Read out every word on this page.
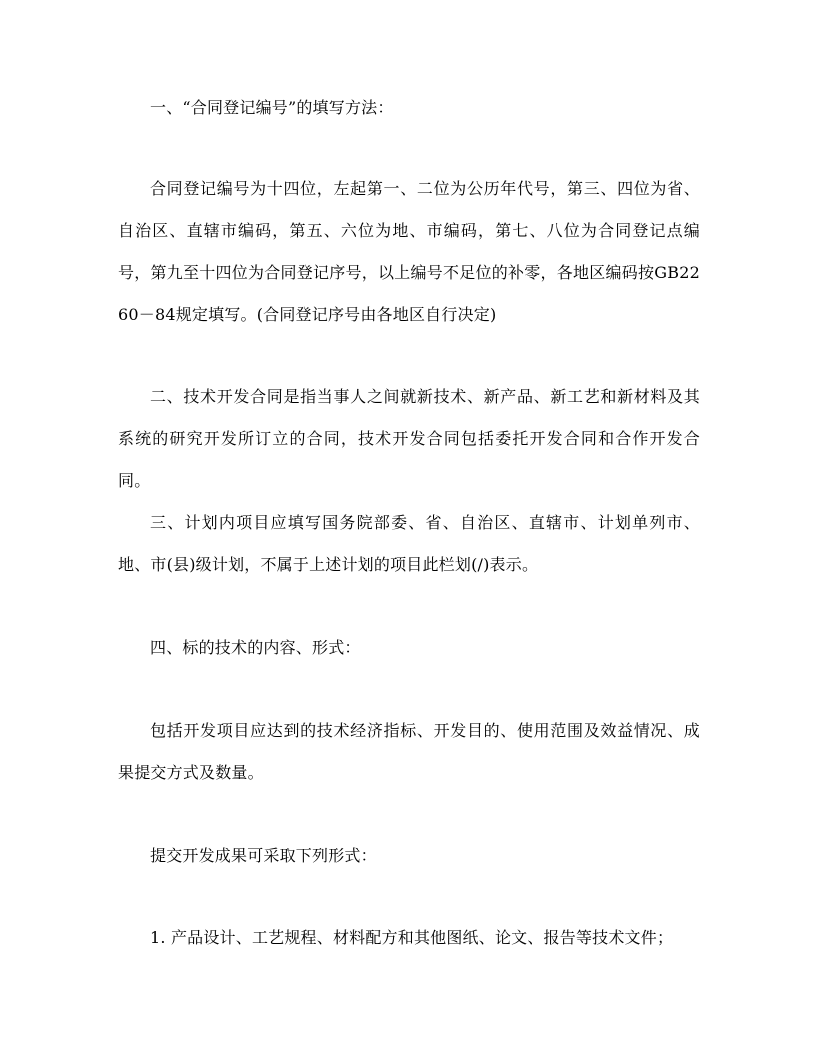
一、“合同登记编号”的填写方法：

合同登记编号为十四位，左起第一、二位为公历年代号，第三、四位为省、自治区、直辖市编码，第五、六位为地、市编码，第七、八位为合同登记点编号，第九至十四位为合同登记序号，以上编号不足位的补零，各地区编码按GB2260－84规定填写。(合同登记序号由各地区自行决定)

二、技术开发合同是指当事人之间就新技术、新产品、新工艺和新材料及其系统的研究开发所订立的合同，技术开发合同包括委托开发合同和合作开发合同。

三、计划内项目应填写国务院部委、省、自治区、直辖市、计划单列市、地、市(县)级计划，不属于上述计划的项目此栏划(/)表示。

四、标的技术的内容、形式：

包括开发项目应达到的技术经济指标、开发目的、使用范围及效益情况、成果提交方式及数量。

提交开发成果可采取下列形式：

1. 产品设计、工艺规程、材料配方和其他图纸、论文、报告等技术文件；
